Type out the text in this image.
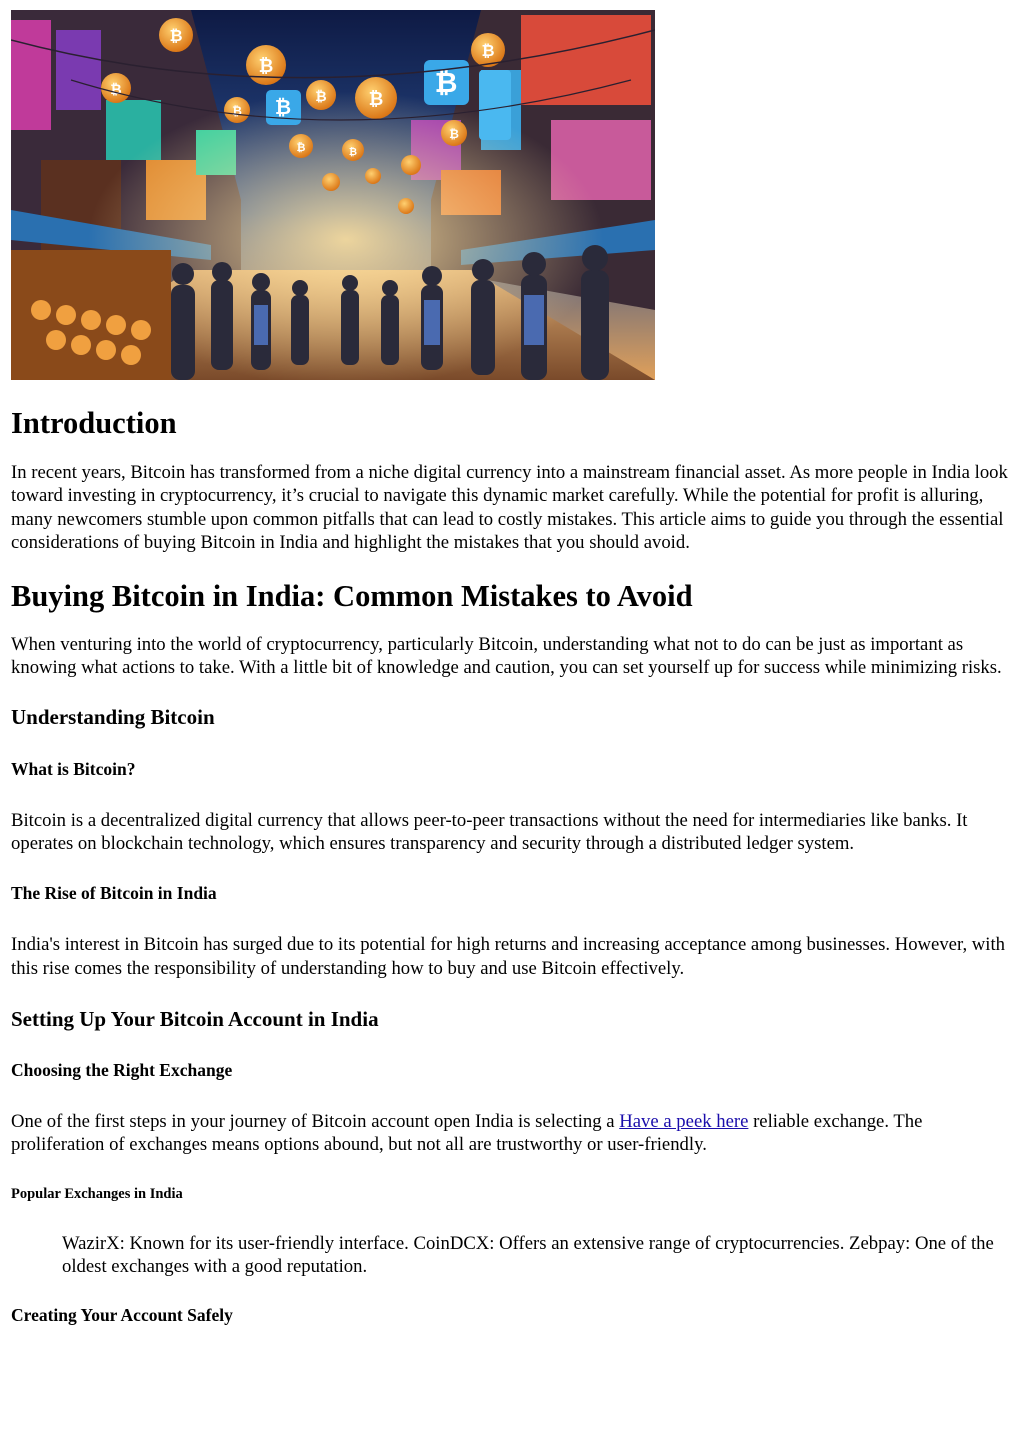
₿
₿
₿	₿ ₿
₿
₿
₿	₿
₿
₿
₿
Introduction

In recent years, Bitcoin has transformed from a niche digital currency into a mainstream financial asset. As more people in India look toward investing in cryptocurrency, it’s crucial to navigate this dynamic market carefully. While the potential for profit is alluring, many newcomers stumble upon common pitfalls that can lead to costly mistakes. This article aims to guide you through the essential considerations of buying Bitcoin in India and highlight the mistakes that you should avoid.

Buying Bitcoin in India: Common Mistakes to Avoid

When venturing into the world of cryptocurrency, particularly Bitcoin, understanding what not to do can be just as important as knowing what actions to take. With a little bit of knowledge and caution, you can set yourself up for success while minimizing risks.

Understanding Bitcoin
What is Bitcoin?

Bitcoin is a decentralized digital currency that allows peer-to-peer transactions without the need for intermediaries like banks. It operates on blockchain technology, which ensures transparency and security through a distributed ledger system.

The Rise of Bitcoin in India

India's interest in Bitcoin has surged due to its potential for high returns and increasing acceptance among businesses. However, with this rise comes the responsibility of understanding how to buy and use Bitcoin effectively.

Setting Up Your Bitcoin Account in India
Choosing the Right Exchange

One of the first steps in your journey of Bitcoin account open India is selecting a Have a peek here reliable exchange. The proliferation of exchanges means options abound, but not all are trustworthy or user-friendly.

Popular Exchanges in India
WazirX: Known for its user-friendly interface. CoinDCX: Offers an extensive range of cryptocurrencies. Zebpay: One of the oldest exchanges with a good reputation.
Creating Your Account Safely
